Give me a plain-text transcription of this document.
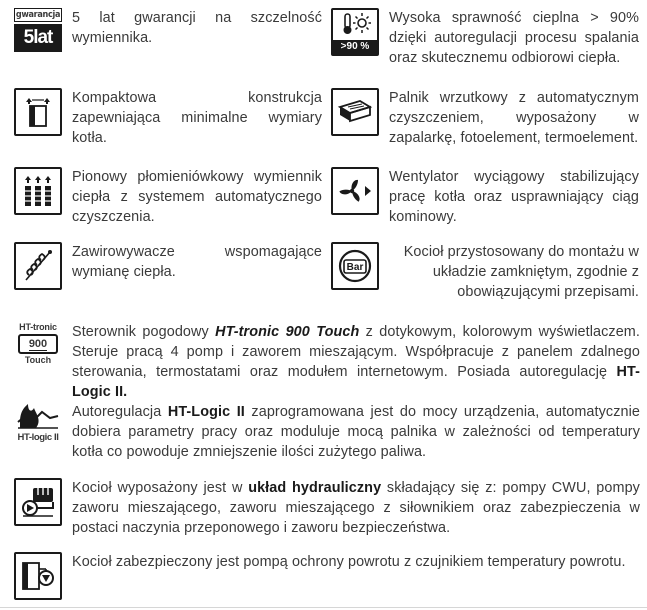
gwarancja
5lat
5 lat gwarancji na szczelność wymiennika.
>90 %
Wysoka sprawność cieplna > 90% dzięki autoregulacji procesu spalania oraz skutecznemu odbiorowi ciepła.
Kompaktowa konstrukcja zapewniająca minimalne wymiary kotła.
Palnik wrzutkowy z automatycznym czyszczeniem, wyposażony w zapalarkę, fotoelement, termoelement.
Pionowy płomieniówkowy wymiennik ciepła z systemem automatycznego czyszczenia.
Wentylator wyciągowy stabilizujący pracę kotła oraz usprawniający ciąg kominowy.
Zawirowywacze wspomagające wymianę ciepła.	Bar
Kocioł przystosowany do montażu w układzie zamkniętym, zgodnie z obowiązującymi przepisami.
HT-tronic
900
Touch
Sterownik pogodowy HT-tronic 900 Touch z dotykowym, kolorowym wyświetlaczem. Steruje pracą 4 pomp i zaworem mieszającym. Współpracuje z panelem zdalnego sterowania, termostatami oraz modułem internetowym. Posiada autoregulację HT-Logic II.
HT-logic II
Autoregulacja HT-Logic II zaprogramowana jest do mocy urządzenia, automatycznie dobiera parametry pracy oraz moduluje mocą palnika w zależności od temperatury kotła co powoduje zmniejszenie ilości zużytego paliwa.
Kocioł wyposażony jest w układ hydrauliczny składający się z: pompy CWU, pompy zaworu mieszającego, zaworu mieszającego z siłownikiem oraz zabezpieczenia w postaci naczynia przeponowego i zaworu bezpieczeństwa.
Kocioł zabezpieczony jest pompą ochrony powrotu z czujnikiem temperatury powrotu.
